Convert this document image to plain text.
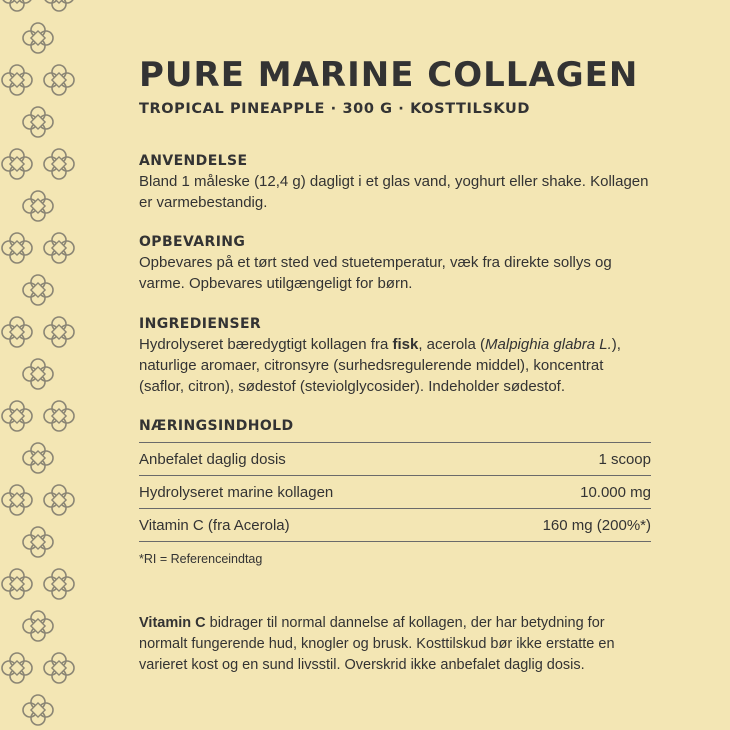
PURE MARINE COLLAGEN
TROPICAL PINEAPPLE · 300 G · KOSTTILSKUD
ANVENDELSE
Bland 1 måleske (12,4 g) dagligt i et glas vand, yoghurt eller shake. Kollagen er varmebestandig.
OPBEVARING
Opbevares på et tørt sted ved stuetemperatur, væk fra direkte sollys og varme. Opbevares utilgængeligt for børn.
INGREDIENSER
Hydrolyseret bæredygtigt kollagen fra fisk, acerola (Malpighia glabra L.), naturlige aromaer, citronsyre (surhedsregulerende middel), koncentrat (saflor, citron), sødestof (steviolglycosider). Indeholder sødestof.
NÆRINGSINDHOLD
Anbefalet daglig dosis	1 scoop
Hydrolyseret marine kollagen	10.000 mg
Vitamin C (fra Acerola)	160 mg (200%*)
*RI = Referenceindtag
Vitamin C bidrager til normal dannelse af kollagen, der har betydning for normalt fungerende hud, knogler og brusk. Kosttilskud bør ikke erstatte en varieret kost og en sund livsstil. Overskrid ikke anbefalet daglig dosis.
